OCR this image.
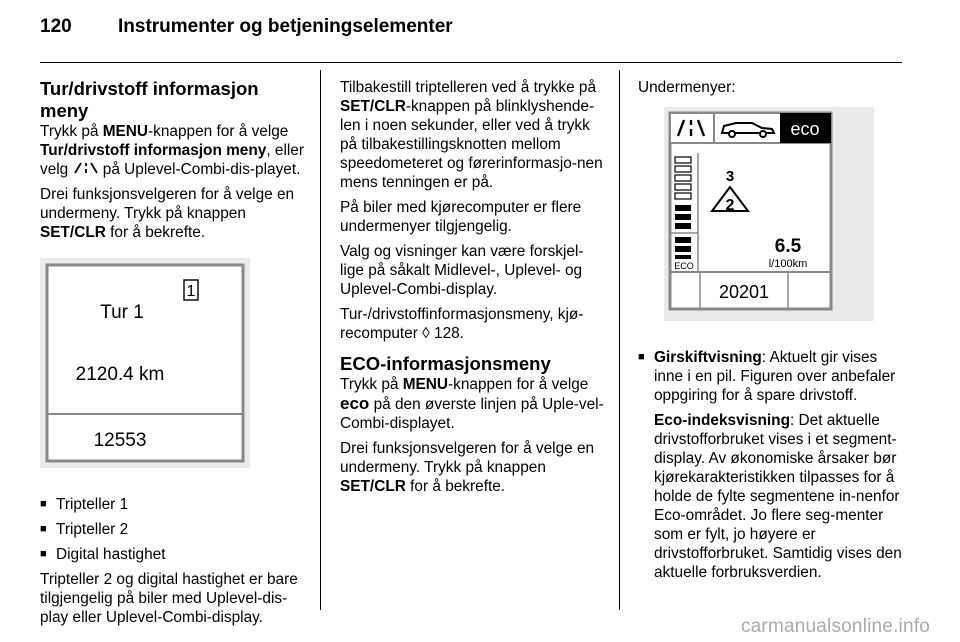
120 Instrumenter og betjeningselementer
Tur/drivstoff informasjon meny

Trykk på MENU-knappen for å velge Tur/drivstoff informasjon meny, eller velg  på Uplevel-Combi-dis-playet.

Drei funksjonsvelgeren for å velge en undermeny. Trykk på knappen SET/CLR for å bekrefte.

1
Tur 1
2120.4 km
12553
■ Tripteller 1
■ Tripteller 2
■ Digital hastighet

Tripteller 2 og digital hastighet er bare tilgjengelig på biler med Uplevel-dis-play eller Uplevel-Combi-display.

Tilbakestill triptelleren ved å trykke på SET/CLR-knappen på blinklyshende-len i noen sekunder, eller ved å trykk på tilbakestillingsknotten mellom speedometeret og førerinformasjo-nen mens tenningen er på.

På biler med kjørecomputer er flere undermenyer tilgjengelig.

Valg og visninger kan være forskjel-lige på såkalt Midlevel-, Uplevel- og Uplevel-Combi-display.

Tur-/drivstoffinformasjonsmeny, kjø-recomputer ◊ 128.

ECO-informasjonsmeny

Trykk på MENU-knappen for å velge eco på den øverste linjen på Uple-vel-Combi-displayet.

Drei funksjonsvelgeren for å velge en undermeny. Trykk på knappen SET/CLR for å bekrefte.

Undermenyer:

eco
ECO
3
2
6.5
l/100km
20201
■ Girskiftvisning: Aktuelt gir vises inne i en pil. Figuren over anbefaler oppgiring for å spare drivstoff.

Eco-indeksvisning: Det aktuelle drivstofforbruket vises i et segment-display. Av økonomiske årsaker bør kjørekarakteristikken tilpasses for å holde de fylte segmentene in-nenfor Eco-området. Jo flere seg-menter som er fylt, jo høyere er drivstofforbruket. Samtidig vises den aktuelle forbruksverdien.

carmanualsonline.info
